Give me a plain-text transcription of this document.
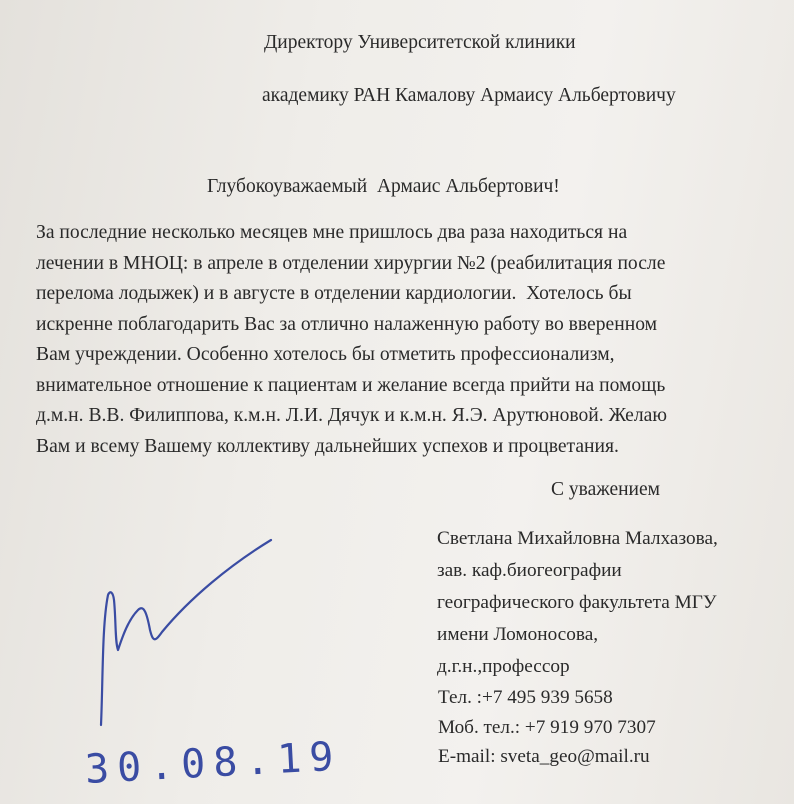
Директору Университетской клиники
академику РАН Камалову Армаису Альбертовичу
Глубокоуважаемый  Армаис Альбертович!
За последние несколько месяцев мне пришлось два раза находиться на
лечении в МНОЦ: в апреле в отделении хирургии №2 (реабилитация после
перелома лодыжек) и в августе в отделении кардиологии.  Хотелось бы
искренне поблагодарить Вас за отлично налаженную работу во вверенном
Вам учреждении. Особенно хотелось бы отметить профессионализм,
внимательное отношение к пациентам и желание всегда прийти на помощь
д.м.н. В.В. Филиппова, к.м.н. Л.И. Дячук и к.м.н. Я.Э. Арутюновой. Желаю
Вам и всему Вашему коллективу дальнейших успехов и процветания.
С уважением
Светлана Михайловна Малхазова,
зав. каф.биогеографии
географического факультета МГУ
имени Ломоносова,
д.г.н.,профессор
Тел. :+7 495 939 5658
Моб. тел.: +7 919 970 7307
E-mail: sveta_geo@mail.ru
30.08.19
